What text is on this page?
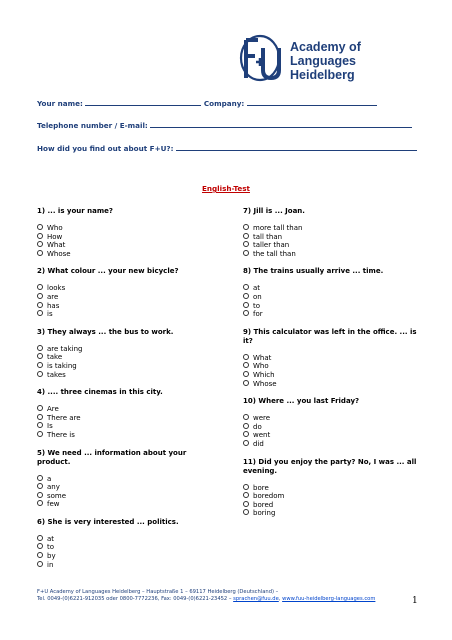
Academy of Languages
Heidelberg
Your name:	Company:
Telephone number / E-mail:
How did you find out about F+U?:
English-Test
1) ... is your name?
Who
How
What
Whose
2) What colour ... your new bicycle?
looks
are
has
is
3) They always ... the bus to work.
are taking
take
is taking
takes
4) .... three cinemas in this city.
Are
There are
Is
There is
5) We need ... information about your product.
a
any
some
few
6) She is very interested ... politics.
at
to
by
in
7) Jill is ... Joan.
more tall than
tall than
taller than
the tall than
8) The trains usually arrive ... time.
at
on
to
for
9) This calculator was left in the office. ... is it?
What
Who
Which
Whose
10) Where ... you last Friday?
were
do
went
did
11) Did you enjoy the party? No, I was ... all evening.
bore
boredom
bored
boring
F+U Academy of Languages Heidelberg – Hauptstraße 1 – 69117 Heidelberg (Deutschland) –
Tel. 0049-(0)6221-912035 oder 0800-7772236, Fax: 0049-(0)6221-23452 – sprachen@fuu.de, www.fuu-heidelberg-languages.com	1
